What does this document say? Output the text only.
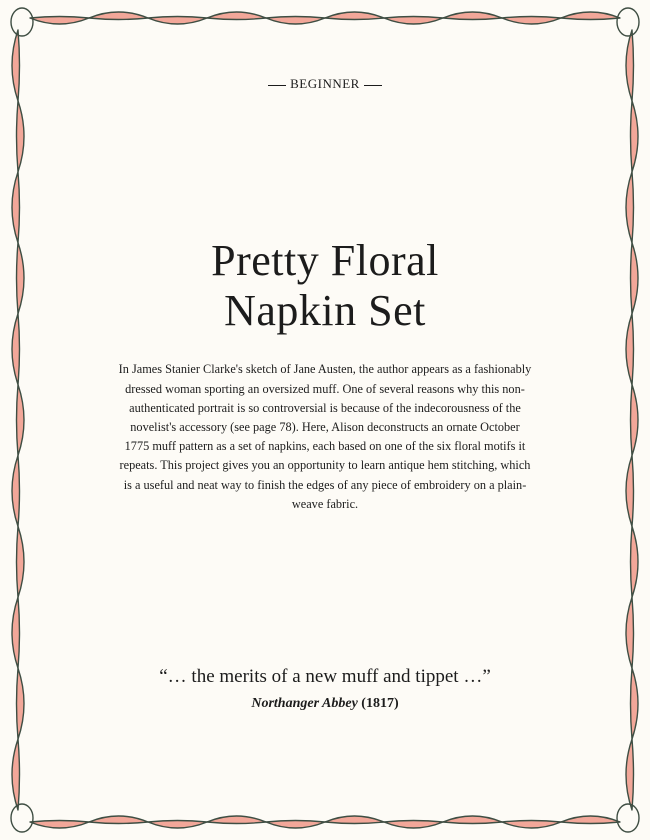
BEGINNER
Pretty Floral
Napkin Set

In James Stanier Clarke's sketch of Jane Austen, the author appears as a fashionably dressed woman sporting an oversized muff. One of several reasons why this non-authenticated portrait is so controversial is because of the indecorousness of the novelist's accessory (see page 78). Here, Alison deconstructs an ornate October 1775 muff pattern as a set of napkins, each based on one of the six floral motifs it repeats. This project gives you an opportunity to learn antique hem stitching, which is a useful and neat way to finish the edges of any piece of embroidery on a plain-weave fabric.

“… the merits of a new muff and tippet …”
Northanger Abbey (1817)
